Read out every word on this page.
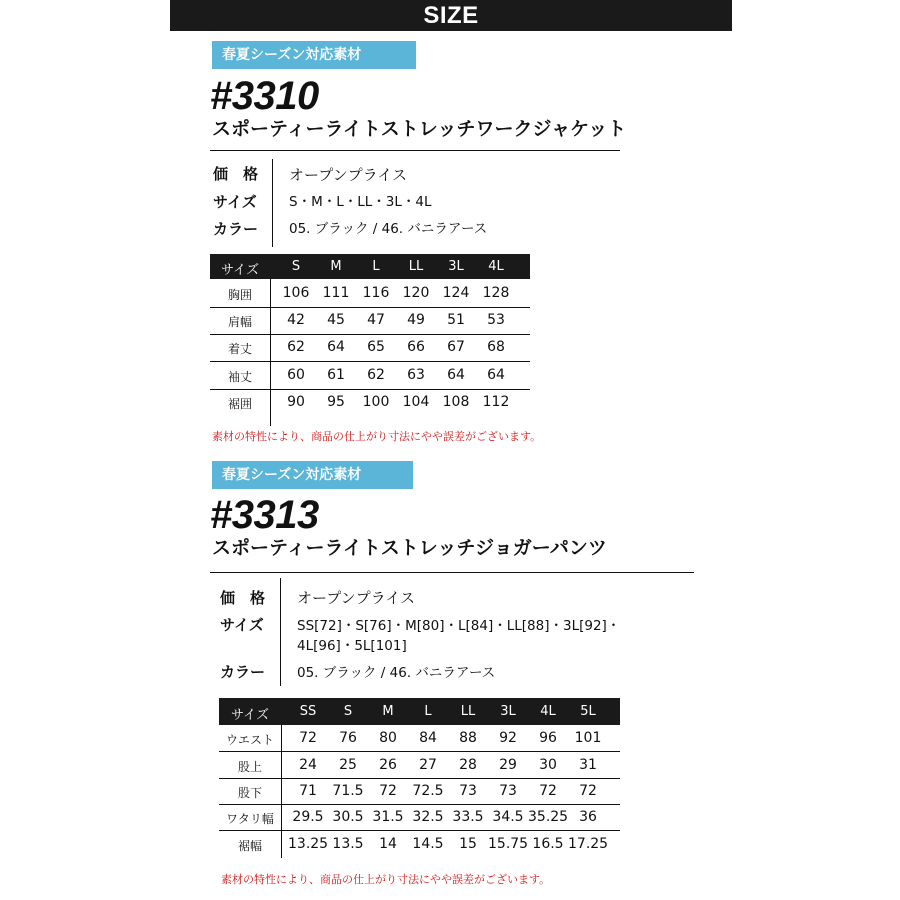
SIZE
春夏シーズン対応素材
#3310
スポーティーライトストレッチワークジャケット
価　格 オープンプライス
サイズ S・M・L・LL・3L・4L
カラー 05. ブラック / 46. バニラアース
サイズ	S	M	L	LL	3L	4L
胸囲	106 111 116 120 124 128
肩幅	42	45	47	49	51	53
着丈	62	64	65	66	67	68
袖丈	60	61	62	63	64	64
裾囲	90	95	100 104 108 112
素材の特性により、商品の仕上がり寸法にやや誤差がございます。
春夏シーズン対応素材
#3313
スポーティーライトストレッチジョガーパンツ
価　格 オープンプライス
サイズ SS[72]・S[76]・M[80]・L[84]・LL[88]・3L[92]・
4L[96]・5L[101]
カラー 05. ブラック / 46. バニラアース
サイズ	SS	S	M	L	LL	3L	4L	5L
ウエスト	72	76	80	84	88	92	96	101
股上	24	25	26	27	28	29	30	31
股下	71	71.5	72	72.5	73	73	72	72
ワタリ幅	29.5 30.5 31.5 32.5 33.5 34.5 35.25 36
裾幅	13.25 13.5	14	14.5	15 15.75 16.5 17.25
素材の特性により、商品の仕上がり寸法にやや誤差がございます。
